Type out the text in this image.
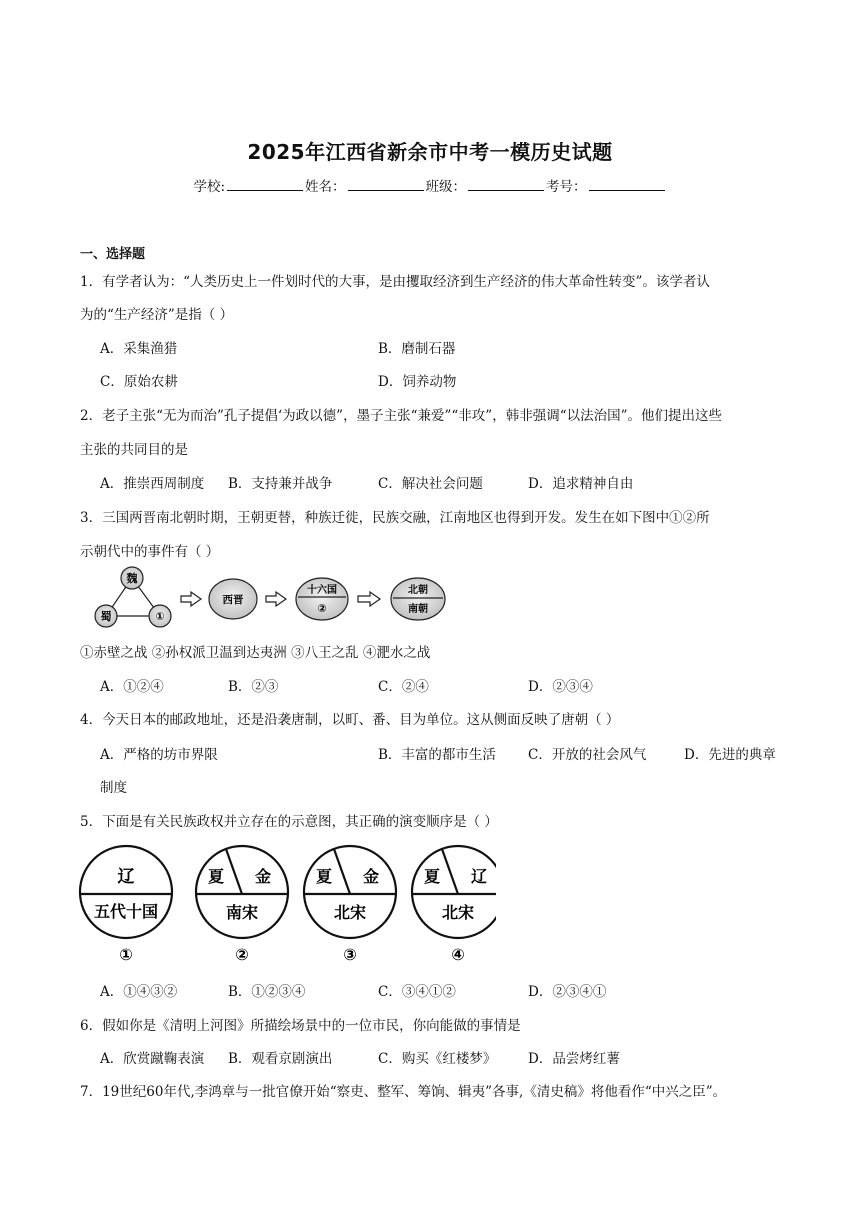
2025年江西省新余市中考一模历史试题
学校:	姓名：	班级：	考号：
一、选择题
1．有学者认为：“人类历史上一件划时代的大事，是由攫取经济到生产经济的伟大革命性转变”。该学者认
为的“生产经济”是指（ ）
A．采集渔猎	B．磨制石器
C．原始农耕	D．饲养动物
2．老子主张“无为而治”孔子提倡‘为政以德”，墨子主张“兼爱”“非攻”，韩非强调“以法治国”。他们提出这些
主张的共同目的是
A．推崇西周制度 B．支持兼并战争	C．解决社会问题	D．追求精神自由
3．三国两晋南北朝时期，王朝更替，种族迁徙，民族交融，江南地区也得到开发。发生在如下图中①②所
示朝代中的事件有（ ）
魏
蜀	①
西晋
十六国
②
北朝
南朝
①赤壁之战 ②孙权派卫温到达夷洲 ③八王之乱 ④淝水之战
A．①②④	B．②③	C．②④	D．②③④
4．今天日本的邮政地址，还是沿袭唐制，以町、番、目为单位。这从侧面反映了唐朝（ ）
A．严格的坊市界限	B．丰富的都市生活 C．开放的社会风气	D．先进的典章
制度
5．下面是有关民族政权并立存在的示意图，其正确的演变顺序是（ ）
辽
五代十国
①
夏 金
南宋
②
夏 金
北宋
③
夏 辽
北宋
④
A．①④③②	B．①②③④	C．③④①②	D．②③④①
6．假如你是《清明上河图》所描绘场景中的一位市民，你向能做的事情是
A．欣赏蹴鞠表演 B．观看京剧演出	C．购买《红楼梦》 D．品尝烤红薯
7．19世纪60年代,李鸿章与一批官僚开始“察吏、整军、筹饷、辑夷”各事,《清史稿》将他看作“中兴之臣”。
